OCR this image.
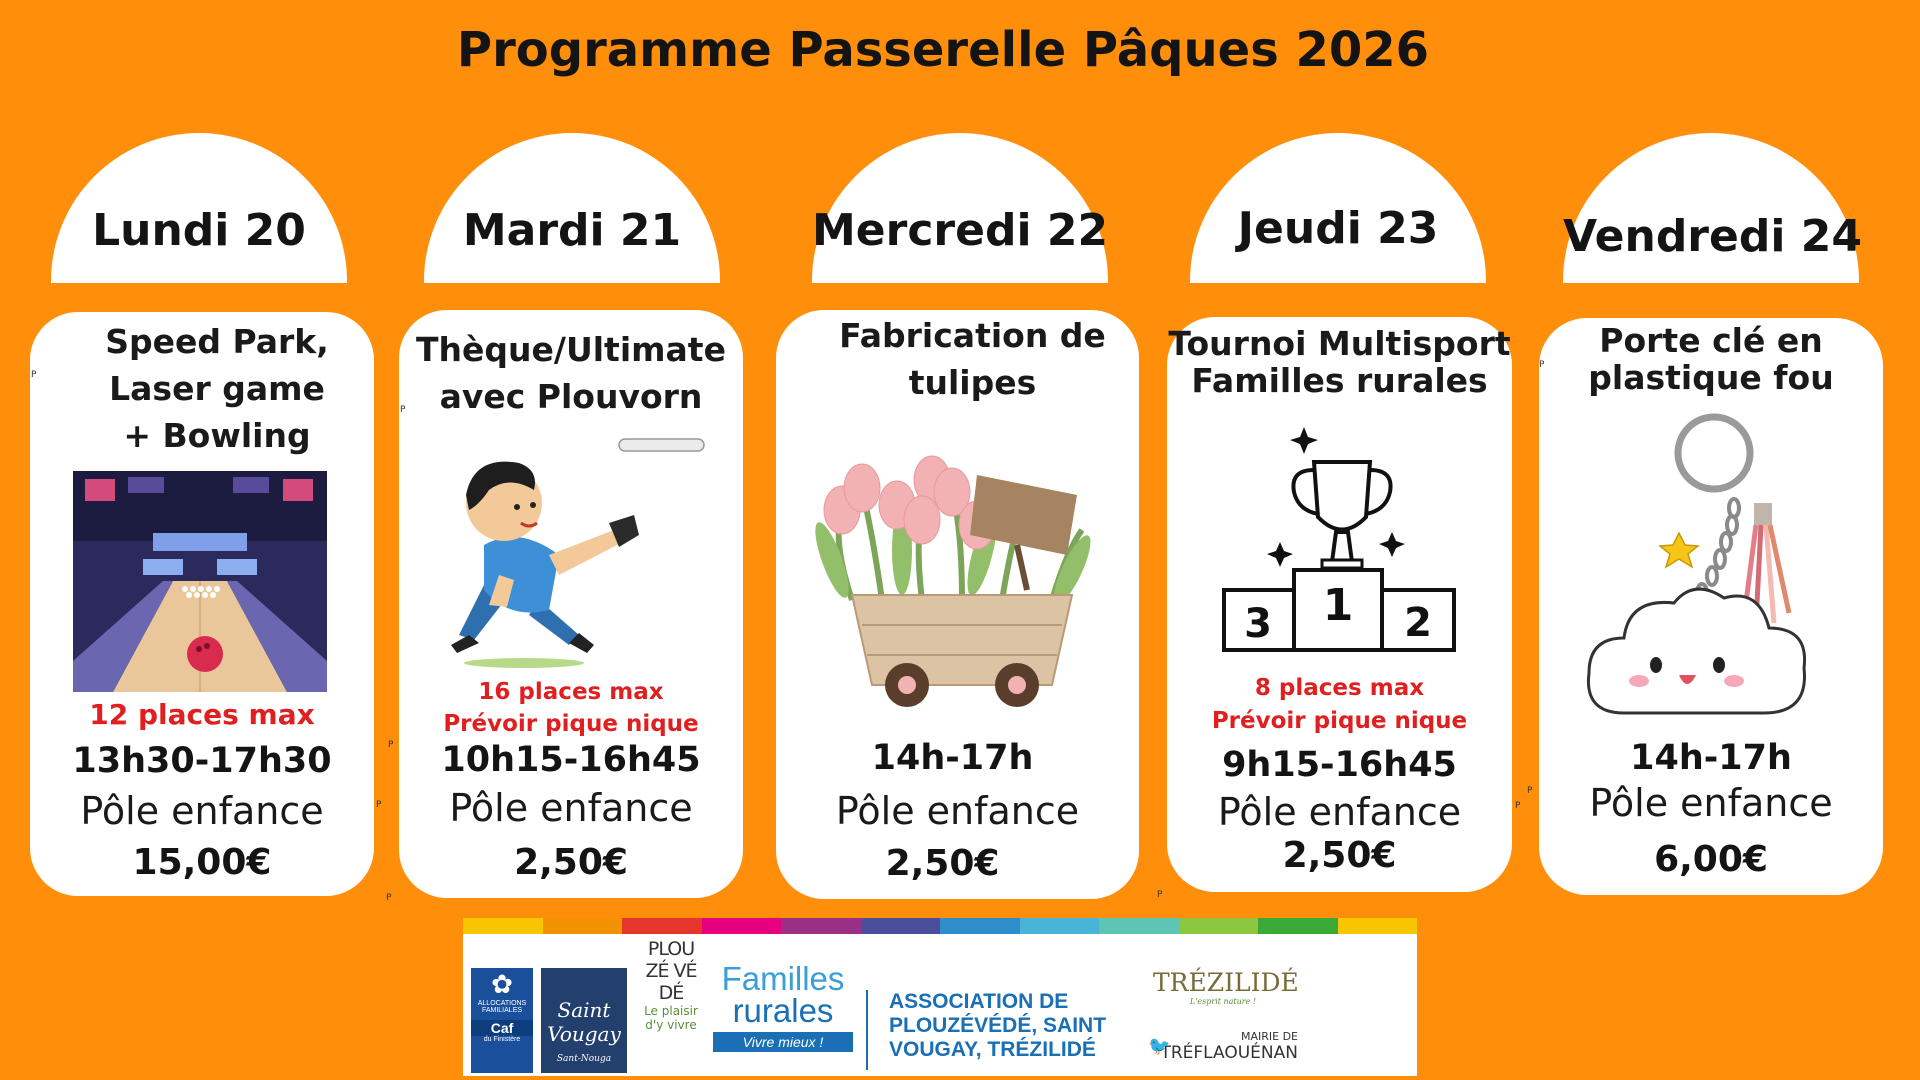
Programme Passerelle Pâques 2026
Lundi 20	Mardi 21	Mercredi 22	Jeudi 23	Vendredi 24
Speed Park, Laser game + Bowling
12 places max
13h30-17h30
Pôle enfance
15,00€
Thèque/Ultimate avec Plouvorn
16 places max
Prévoir pique nique
10h15-16h45
Pôle enfance
2,50€
Fabrication de tulipes
14h-17h
Pôle enfance
2,50€
Tournoi Multisport Familles rurales
3 1 2
8 places max
Prévoir pique nique
9h15-16h45
Pôle enfance
2,50€
Porte clé en plastique fou
14h-17h
Pôle enfance
6,00€
P
P
P
P
P	P
P
P
P
✿
ALLOCATIONS
FAMILIALES
Caf
du Finistère
Saint Vougay
Sant-Nouga
PLOU ZÉ VÉ DÉ
Le plaisir d'y vivre
Familles
rurales
Vivre mieux !
ASSOCIATION DE
PLOUZÉVÉDÉ, SAINT
VOUGAY, TRÉZILIDÉ
TRÉZILIDÉ
L'esprit nature !
🐦	MAIRIE DE
TRÉFLAOUÉNAN
